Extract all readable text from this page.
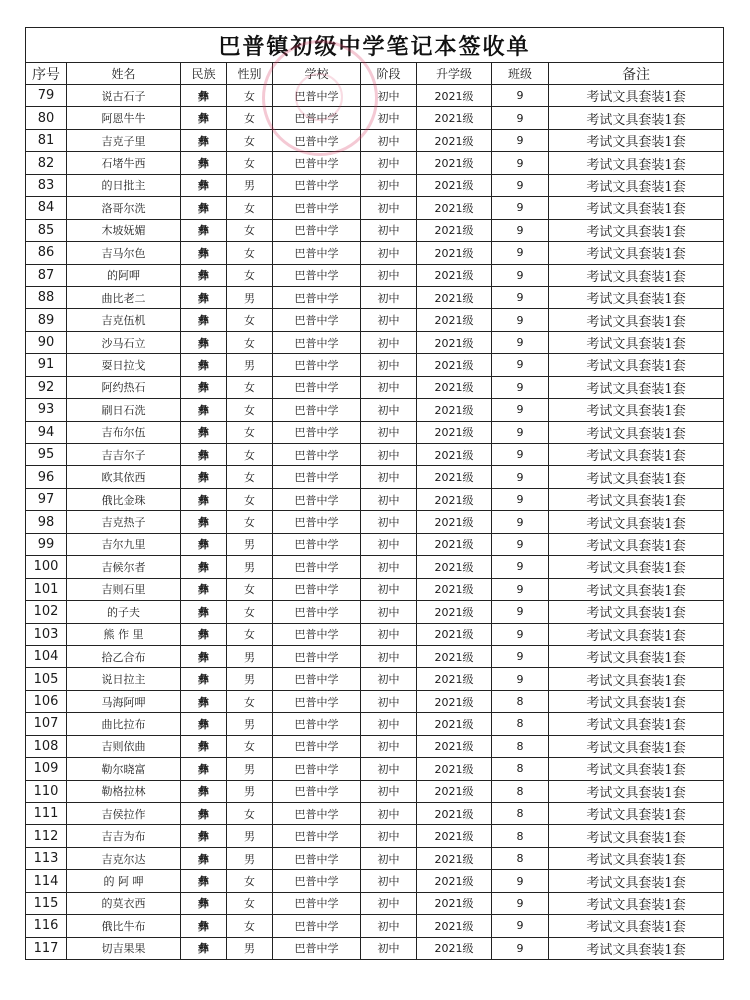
巴普镇初级中学笔记本签收单								
序号	姓名	民族	性别	学校	阶段	升学级	班级	备注
79	说古石子	彝	女	巴普中学	初中	2021级	9	考试文具套装1套
80	阿恩牛牛	彝	女	巴普中学	初中	2021级	9	考试文具套装1套
81	吉克子里	彝	女	巴普中学	初中	2021级	9	考试文具套装1套
82	石堵牛西	彝	女	巴普中学	初中	2021级	9	考试文具套装1套
83	的日批主	彝	男	巴普中学	初中	2021级	9	考试文具套装1套
84	洛哥尔洗	彝	女	巴普中学	初中	2021级	9	考试文具套装1套
85	木坡妩媚	彝	女	巴普中学	初中	2021级	9	考试文具套装1套
86	吉马尔色	彝	女	巴普中学	初中	2021级	9	考试文具套装1套
87	的阿呷	彝	女	巴普中学	初中	2021级	9	考试文具套装1套
88	曲比老二	彝	男	巴普中学	初中	2021级	9	考试文具套装1套
89	吉克伍机	彝	女	巴普中学	初中	2021级	9	考试文具套装1套
90	沙马石立	彝	女	巴普中学	初中	2021级	9	考试文具套装1套
91	耍日拉戈	彝	男	巴普中学	初中	2021级	9	考试文具套装1套
92	阿约热石	彝	女	巴普中学	初中	2021级	9	考试文具套装1套
93	刷日石洗	彝	女	巴普中学	初中	2021级	9	考试文具套装1套
94	吉布尔伍	彝	女	巴普中学	初中	2021级	9	考试文具套装1套
95	吉吉尔子	彝	女	巴普中学	初中	2021级	9	考试文具套装1套
96	欧其依西	彝	女	巴普中学	初中	2021级	9	考试文具套装1套
97	俄比金珠	彝	女	巴普中学	初中	2021级	9	考试文具套装1套
98	吉克热子	彝	女	巴普中学	初中	2021级	9	考试文具套装1套
99	吉尔九里	彝	男	巴普中学	初中	2021级	9	考试文具套装1套
100	吉候尔者	彝	男	巴普中学	初中	2021级	9	考试文具套装1套
101	吉则石里	彝	女	巴普中学	初中	2021级	9	考试文具套装1套
102	的子夫	彝	女	巴普中学	初中	2021级	9	考试文具套装1套
103	熊 作 里	彝	女	巴普中学	初中	2021级	9	考试文具套装1套
104	拾乙合布	彝	男	巴普中学	初中	2021级	9	考试文具套装1套
105	说日拉主	彝	男	巴普中学	初中	2021级	9	考试文具套装1套
106	马海阿呷	彝	女	巴普中学	初中	2021级	8	考试文具套装1套
107	曲比拉布	彝	男	巴普中学	初中	2021级	8	考试文具套装1套
108	吉则依曲	彝	女	巴普中学	初中	2021级	8	考试文具套装1套
109	勒尔晓富	彝	男	巴普中学	初中	2021级	8	考试文具套装1套
110	勒格拉林	彝	男	巴普中学	初中	2021级	8	考试文具套装1套
111	吉侯拉作	彝	女	巴普中学	初中	2021级	8	考试文具套装1套
112	吉吉为布	彝	男	巴普中学	初中	2021级	8	考试文具套装1套
113	吉克尔达	彝	男	巴普中学	初中	2021级	8	考试文具套装1套
114	的 阿 呷	彝	女	巴普中学	初中	2021级	9	考试文具套装1套
115	的莫衣西	彝	女	巴普中学	初中	2021级	9	考试文具套装1套
116	俄比牛布	彝	女	巴普中学	初中	2021级	9	考试文具套装1套
117	切吉果果	彝	男	巴普中学	初中	2021级	9	考试文具套装1套
